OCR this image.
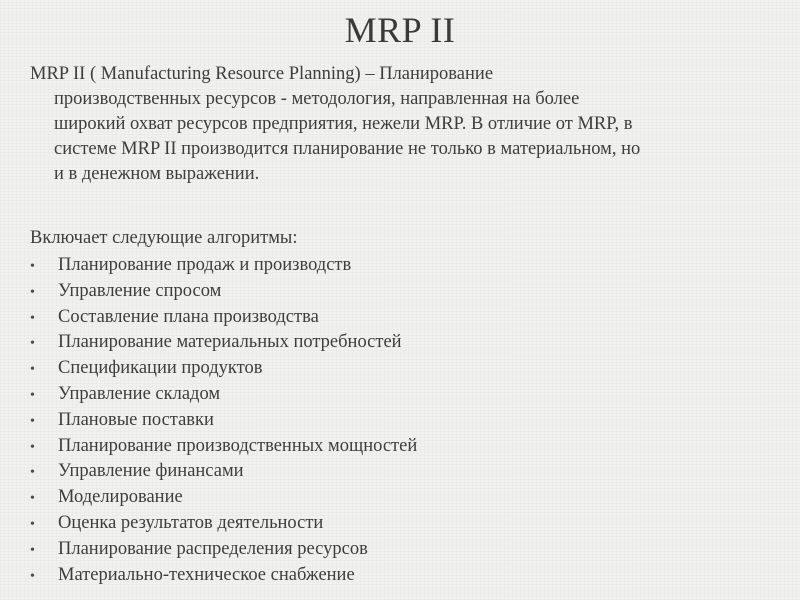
MRP II
MRP II ( Manufacturing Resource Planning) – Планирование
производственных ресурсов - методология, направленная на более
широкий охват ресурсов предприятия, нежели MRP. В отличие от MRP, в
системе MRP II производится планирование не только в материальном, но
и в денежном выражении.
Включает следующие алгоритмы:
•	Планирование продаж и производств
•	Управление спросом
•	Составление плана производства
•	Планирование материальных потребностей
•	Спецификации продуктов
•	Управление складом
•	Плановые поставки
•	Планирование производственных мощностей
•	Управление финансами
•	Моделирование
•	Оценка результатов деятельности
•	Планирование распределения ресурсов
•	Материально-техническое снабжение
